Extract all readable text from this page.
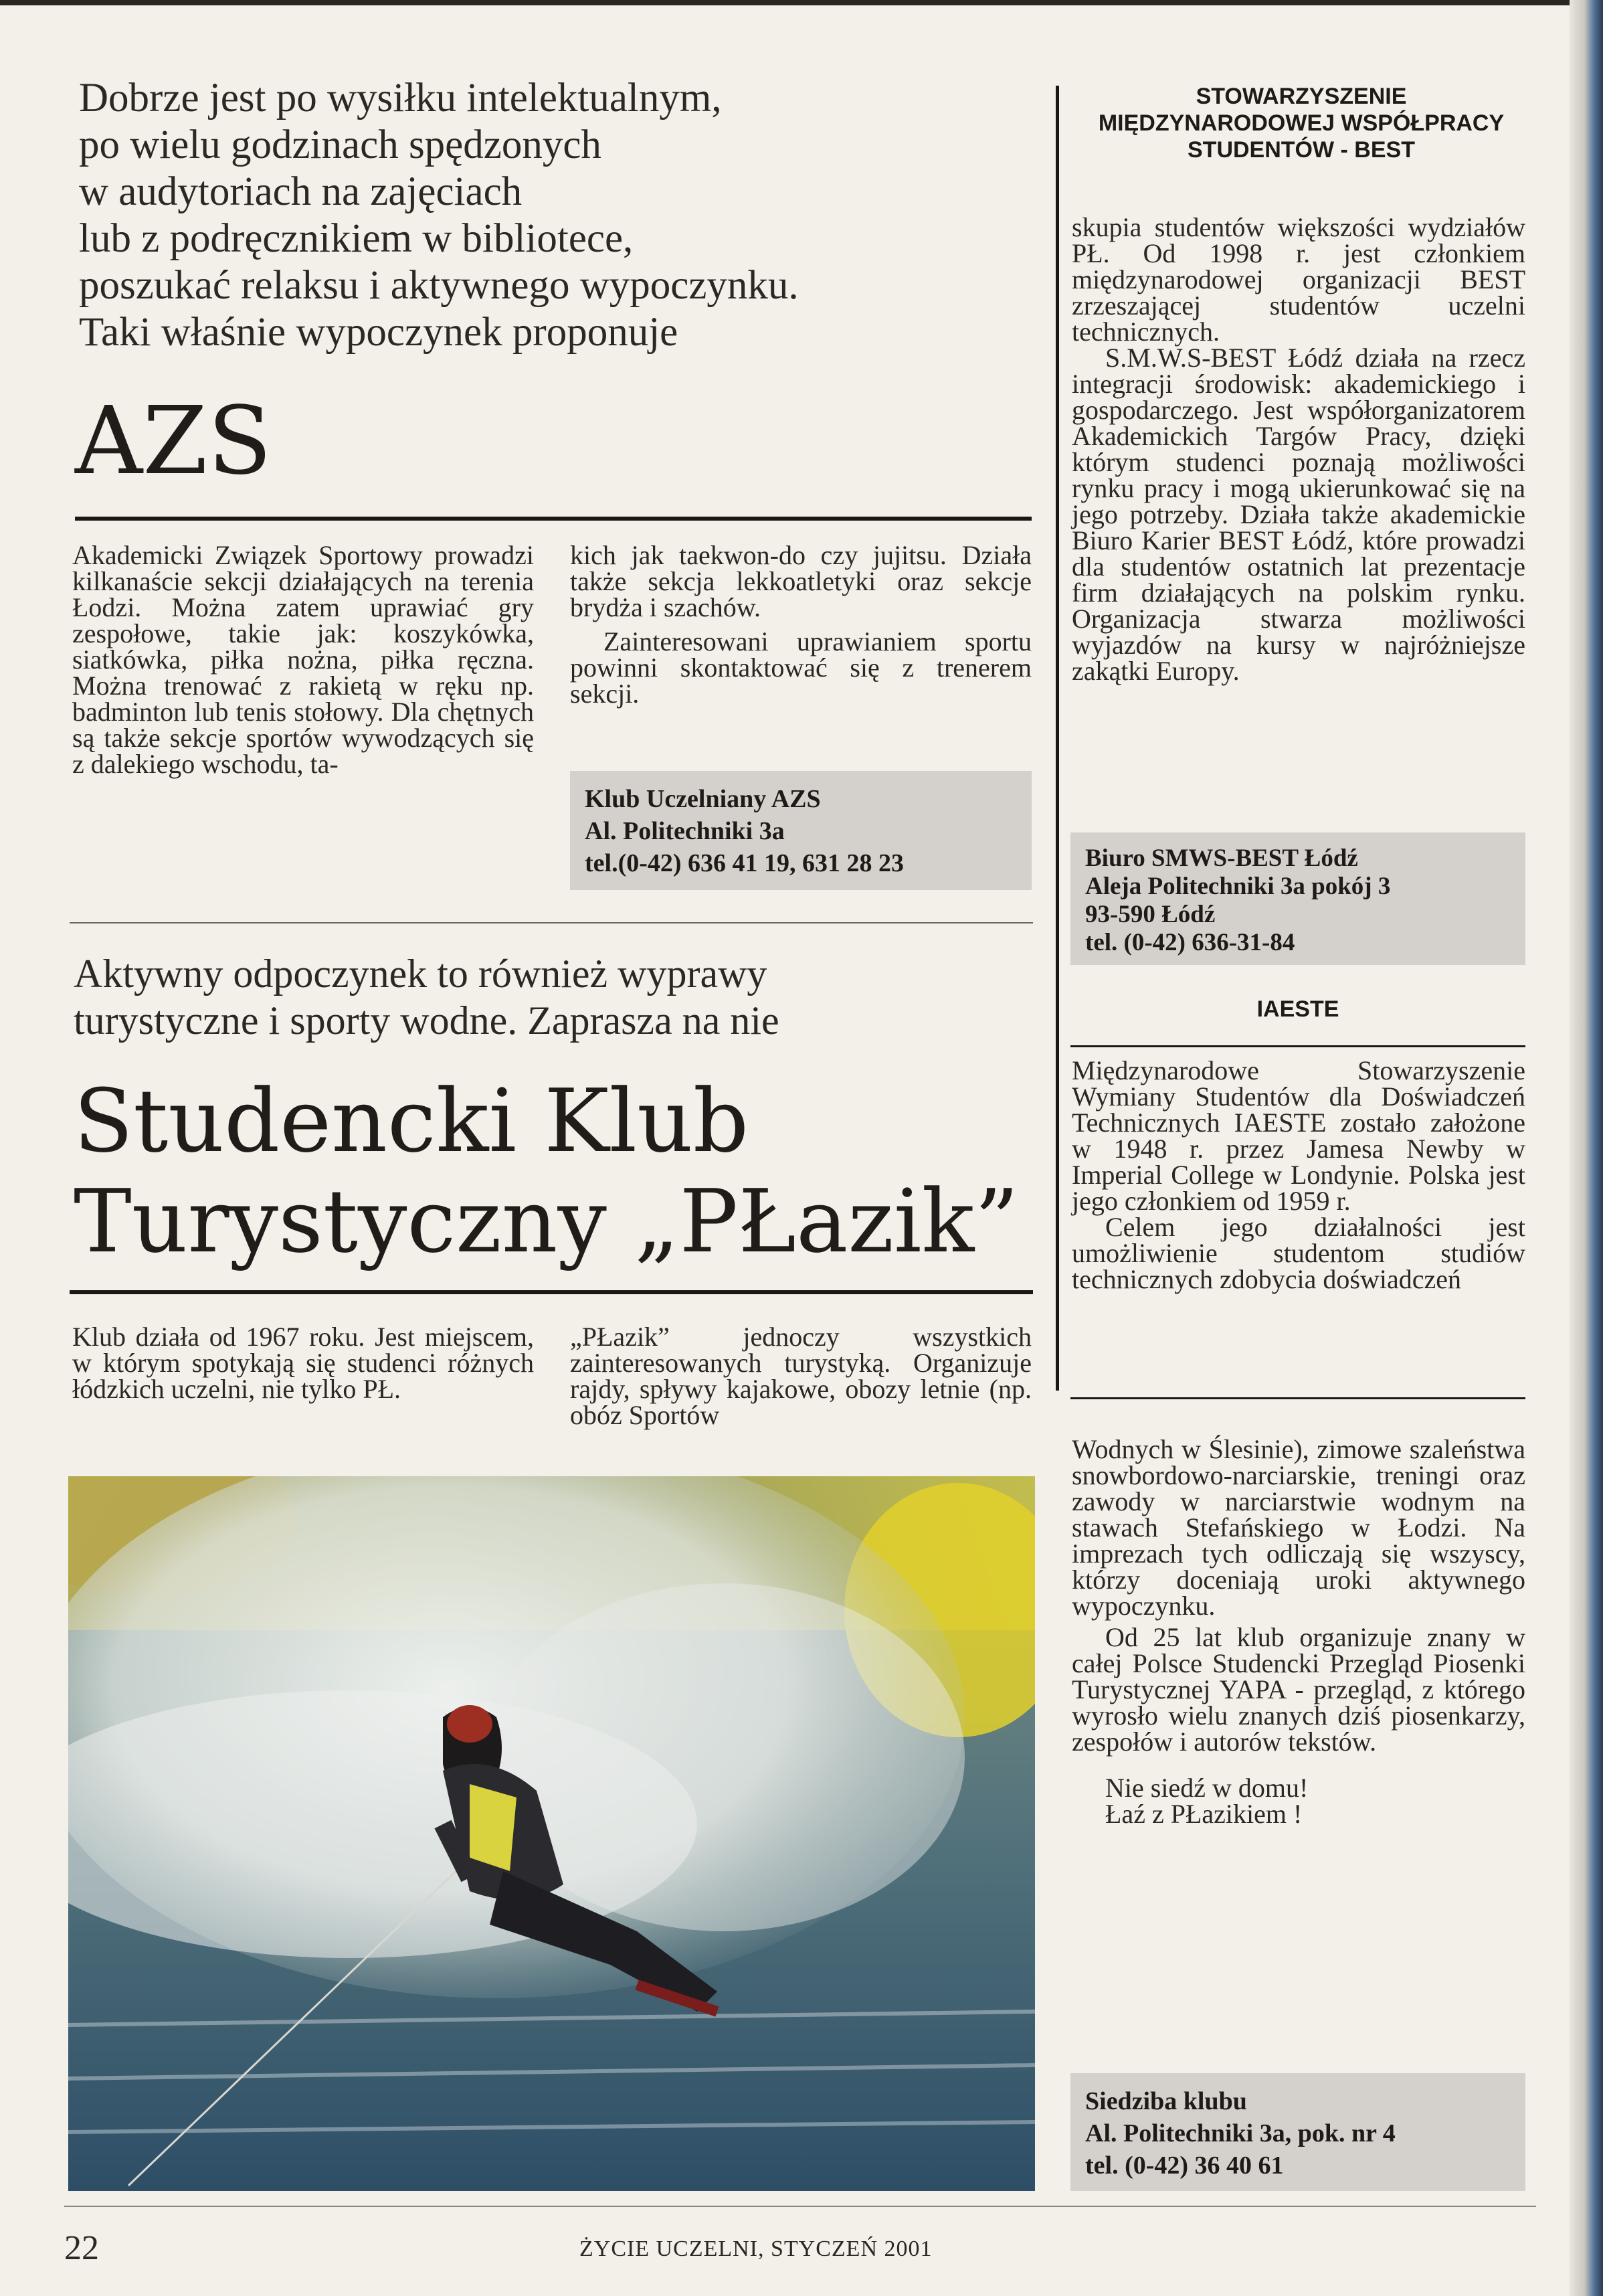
Dobrze jest po wysiłku intelektualnym,
po wielu godzinach spędzonych
w audytoriach na zajęciach
lub z podręcznikiem w bibliotece,
poszukać relaksu i aktywnego wypoczynku.
Taki właśnie wypoczynek proponuje
AZS

Akademicki Związek Sportowy prowadzi kilkanaście sekcji działających na terenia Łodzi. Można zatem uprawiać gry zespołowe, takie jak: koszykówka, siatkówka, piłka nożna, piłka ręczna. Można trenować z rakietą w ręku np. badminton lub tenis stołowy. Dla chętnych są także sekcje sportów wywodzących się z dalekiego wschodu, ta-

kich jak taekwon-do czy jujitsu. Działa także sekcja lekkoatletyki oraz sekcje brydża i szachów.

Zainteresowani uprawianiem sportu powinni skontaktować się z trenerem sekcji.

Klub Uczelniany AZS
Al. Politechniki 3a
tel.(0-42) 636 41 19, 631 28 23
Aktywny odpoczynek to również wyprawy
turystyczne i sporty wodne. Zaprasza na nie
Studencki Klub
Turystyczny „PŁazik”

Klub działa od 1967 roku. Jest miejscem, w którym spotykają się studenci różnych łódzkich uczelni, nie tylko PŁ.

„PŁazik” jednoczy wszystkich zainteresowanych turystyką. Organizuje rajdy, spływy kajakowe, obozy letnie (np. obóz Sportów

STOWARZYSZENIE
MIĘDZYNARODOWEJ WSPÓŁPRACY
STUDENTÓW - BEST

skupia studentów większości wydziałów PŁ. Od 1998 r. jest członkiem międzynarodowej organizacji BEST zrzeszającej studentów uczelni technicznych.

S.M.W.S-BEST Łódź działa na rzecz integracji środowisk: akademickiego i gospodarczego. Jest współorganizatorem Akademickich Targów Pracy, dzięki którym studenci poznają możliwości rynku pracy i mogą ukierunkować się na jego potrzeby. Działa także akademickie Biuro Karier BEST Łódź, które prowadzi dla studentów ostatnich lat prezentacje firm działających na polskim rynku. Organizacja stwarza możliwości wyjazdów na kursy w najróżniejsze zakątki Europy.

Biuro SMWS-BEST Łódź
Aleja Politechniki 3a pokój 3
93-590 Łódź
tel. (0-42) 636-31-84
IAESTE

Międzynarodowe Stowarzyszenie Wymiany Studentów dla Doświadczeń Technicznych IAESTE zostało założone w 1948 r. przez Jamesa Newby w Imperial College w Londynie. Polska jest jego członkiem od 1959 r.

Celem jego działalności jest umożliwienie studentom studiów technicznych zdobycia doświadczeń

Wodnych w Ślesinie), zimowe szaleństwa snowbordowo-narciarskie, treningi oraz zawody w narciarstwie wodnym na stawach Stefańskiego w Łodzi. Na imprezach tych odliczają się wszyscy, którzy doceniają uroki aktywnego wypoczynku.

Od 25 lat klub organizuje znany w całej Polsce Studencki Przegląd Piosenki Turystycznej YAPA - przegląd, z którego wyrosło wielu znanych dziś piosenkarzy, zespołów i autorów tekstów.

Nie siedź w domu!

Łaź z PŁazikiem !

Siedziba klubu
Al. Politechniki 3a, pok. nr 4
tel. (0-42) 36 40 61
22	ŻYCIE UCZELNI, STYCZEŃ 2001
